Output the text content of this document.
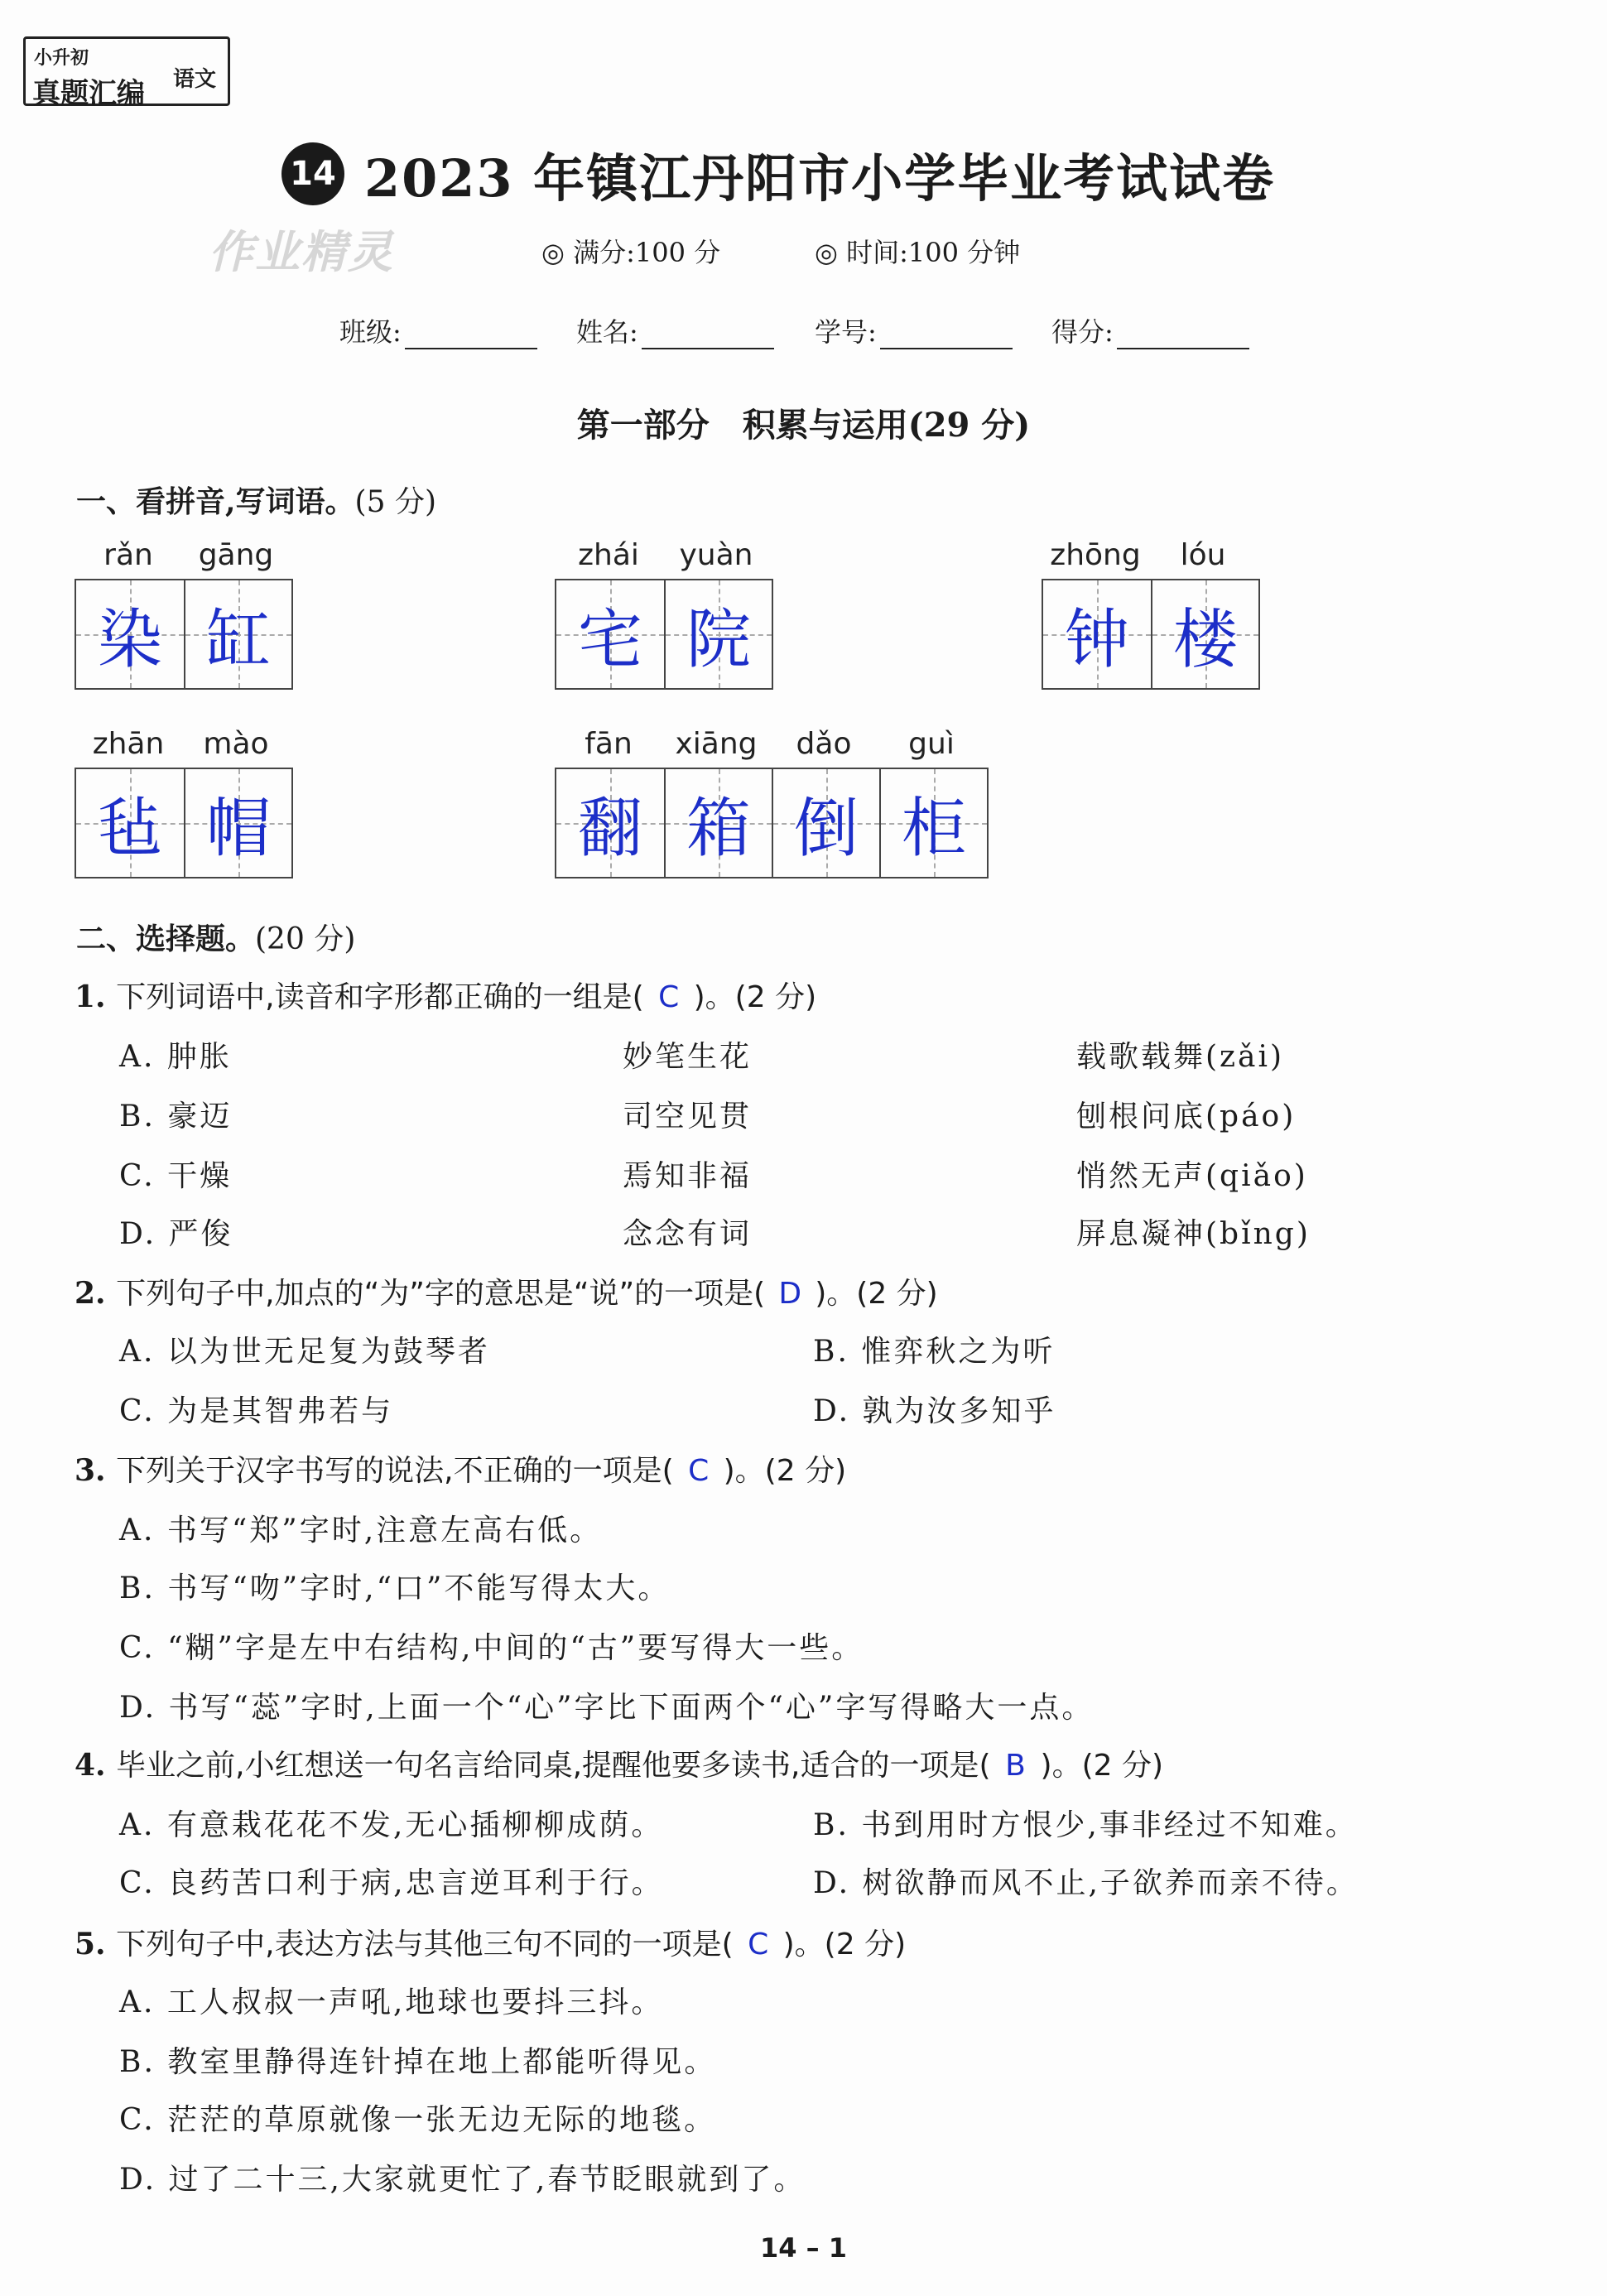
小升初
真题汇编 语文
14 2023 年镇江丹阳市小学毕业考试试卷
作业精灵	◎ 满分:100 分	◎ 时间:100 分钟
班级:	姓名:	学号:	得分:
第一部分　积累与运用(29 分)
一、看拼音,写词语。(5 分)
rǎn	gāng
染 缸
zhái	yuàn
宅 院
zhōng	lóu
钟 楼
zhān	mào
毡 帽
fān	xiāng	dǎo	guì
翻 箱 倒 柜
二、选择题。(20 分)
1. 下列词语中,读音和字形都正确的一组是( C )。(2 分)
A. 肿胀	妙笔生花	载歌载舞(zǎi)
B. 豪迈	司空见贯	刨根问底(páo)
C. 干燥	焉知非福	悄然无声(qiǎo)
D. 严俊	念念有词	屏息凝神(bǐng)
2. 下列句子中,加点的“为”字的意思是“说”的一项是( D )。(2 分)
A. 以为世无足复为鼓琴者	B. 惟弈秋之为听
C. 为是其智弗若与	D. 孰为汝多知乎
3. 下列关于汉字书写的说法,不正确的一项是( C )。(2 分)
A. 书写“郑”字时,注意左高右低。
B. 书写“吻”字时,“口”不能写得太大。
C. “糊”字是左中右结构,中间的“古”要写得大一些。
D. 书写“蕊”字时,上面一个“心”字比下面两个“心”字写得略大一点。
4. 毕业之前,小红想送一句名言给同桌,提醒他要多读书,适合的一项是( B )。(2 分)
A. 有意栽花花不发,无心插柳柳成荫。	B. 书到用时方恨少,事非经过不知难。
C. 良药苦口利于病,忠言逆耳利于行。	D. 树欲静而风不止,子欲养而亲不待。
5. 下列句子中,表达方法与其他三句不同的一项是( C )。(2 分)
A. 工人叔叔一声吼,地球也要抖三抖。
B. 教室里静得连针掉在地上都能听得见。
C. 茫茫的草原就像一张无边无际的地毯。
D. 过了二十三,大家就更忙了,春节眨眼就到了。
14 – 1
